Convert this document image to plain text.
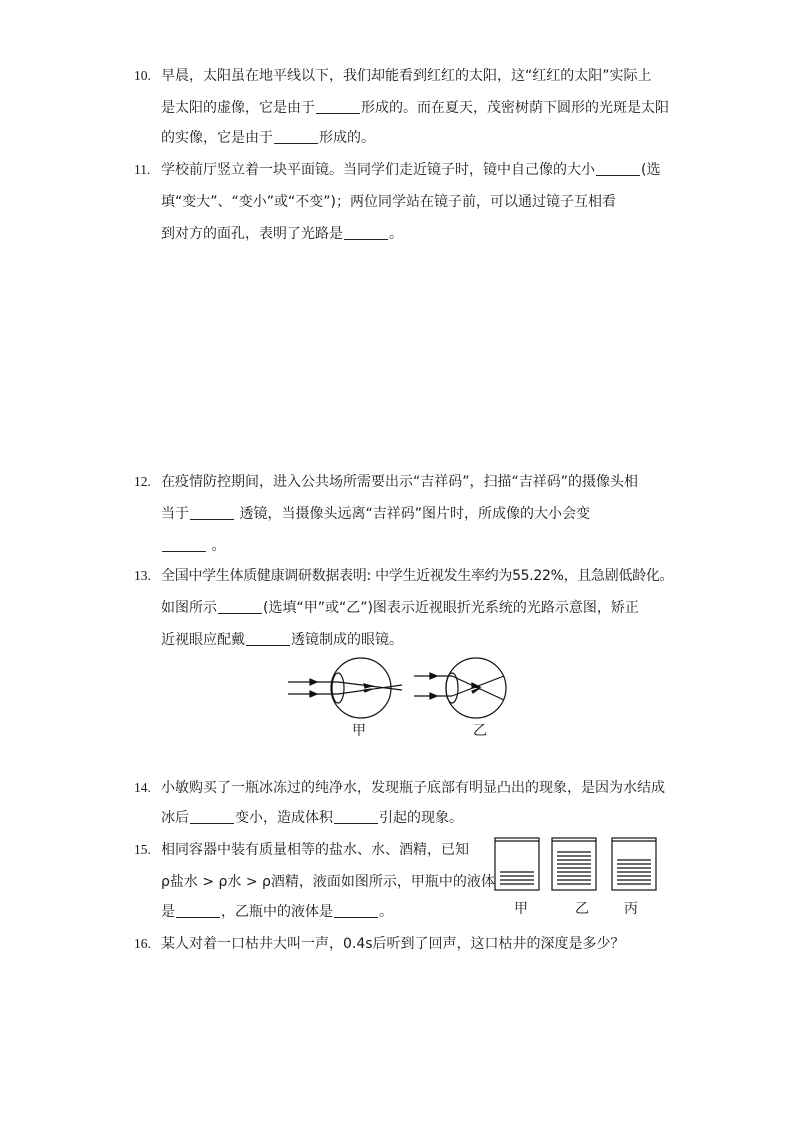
10. 早晨，太阳虽在地平线以下，我们却能看到红红的太阳，这“红红的太阳”实际上
是太阳的虚像，它是由于	形成的。而在夏天，茂密树荫下圆形的光斑是太阳
的实像，它是由于	形成的。
11. 学校前厅竖立着一块平面镜。当同学们走近镜子时，镜中自己像的大小	(选
填“变大”、“变小”或“不变”)；两位同学站在镜子前，可以通过镜子互相看
到对方的面孔，表明了光路是	。
12. 在疫情防控期间，进入公共场所需要出示“吉祥码”，扫描“吉祥码”的摄像头相
当于	透镜，当摄像头远离“吉祥码”图片时，所成像的大小会变
。
13. 全国中学生体质健康调研数据表明: 中学生近视发生率约为55.22%，且急剧低龄化。
如图所示	(选填“甲”或“乙”)图表示近视眼折光系统的光路示意图，矫正
近视眼应配戴	透镜制成的眼镜。
甲	乙
14. 小敏购买了一瓶冰冻过的纯净水，发现瓶子底部有明显凸出的现象，是因为水结成
冰后	变小，造成体积	引起的现象。
15. 相同容器中装有质量相等的盐水、水、酒精，已知
ρ盐水 > ρ水 > ρ酒精，液面如图所示，甲瓶中的液体
是	，乙瓶中的液体是	。	甲	乙	丙
16. 某人对着一口枯井大叫一声，0.4s后听到了回声，这口枯井的深度是多少？
